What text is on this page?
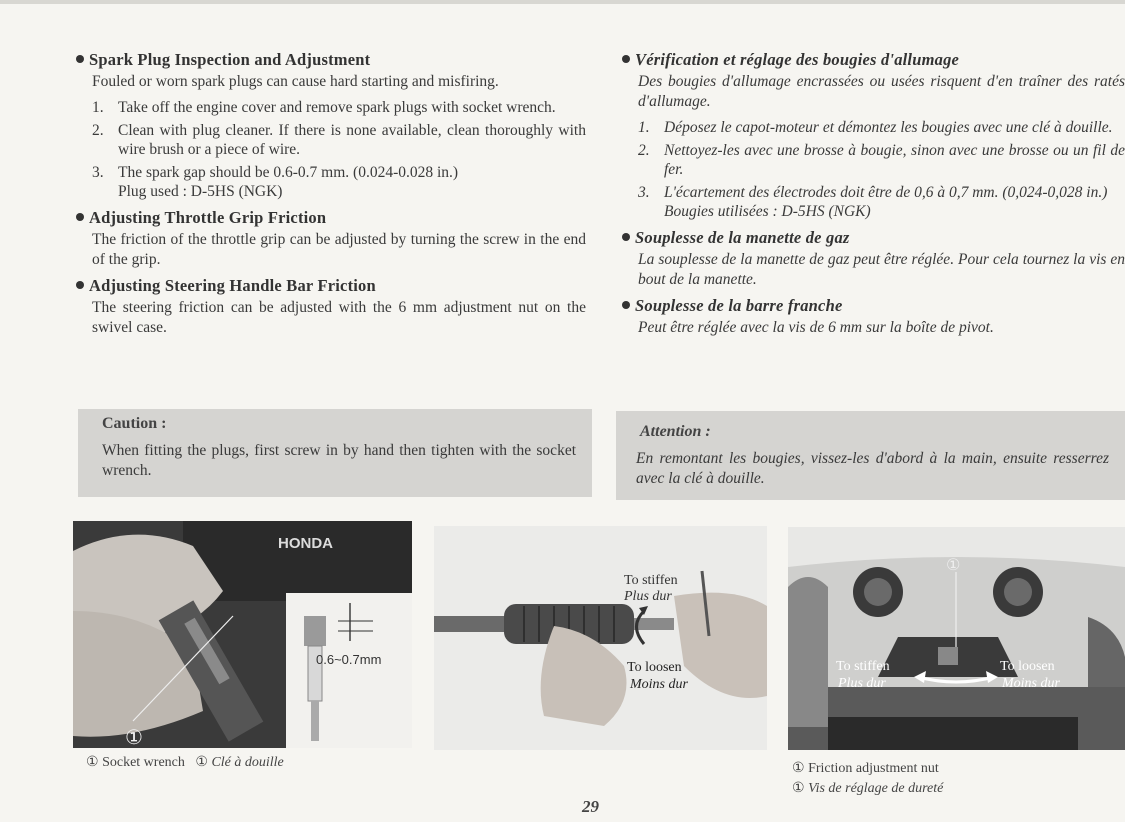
Spark Plug Inspection and Adjustment
Fouled or worn spark plugs can cause hard starting and misfiring.
1. Take off the engine cover and remove spark plugs with socket wrench.
2. Clean with plug cleaner. If there is none available, clean thoroughly with wire brush or a piece of wire.
3. The spark gap should be 0.6-0.7 mm. (0.024-0.028 in.)
Plug used : D-5HS (NGK)
Adjusting Throttle Grip Friction
The friction of the throttle grip can be adjusted by turning the screw in the end of the grip.
Adjusting Steering Handle Bar Friction
The steering friction can be adjusted with the 6 mm adjustment nut on the swivel case.
Vérification et réglage des bougies d'allumage
Des bougies d'allumage encrassées ou usées risquent d'en traîner des ratés d'allumage.
1. Déposez le capot-moteur et démontez les bougies avec une clé à douille.
2. Nettoyez-les avec une brosse à bougie, sinon avec une brosse ou un fil de fer.
3. L'écartement des électrodes doit être de 0,6 à 0,7 mm. (0,024-0,028 in.)
Bougies utilisées : D-5HS (NGK)
Souplesse de la manette de gaz
La souplesse de la manette de gaz peut être réglée. Pour cela tournez la vis en bout de la manette.
Souplesse de la barre franche
Peut être réglée avec la vis de 6 mm sur la boîte de pivot.
Caution :
When fitting the plugs, first screw in by hand then tighten with the socket wrench.
Attention :
En remontant les bougies, vissez-les d'abord à la main, ensuite resserrez avec la clé à douille.
HONDA
0.6~0.7mm
①
To stiffen
Plus dur
To loosen
Moins dur
①
To stiffen
Plus dur
To loosen
Moins dur
① Socket wrench ① Clé à douille	① Friction adjustment nut
① Vis de réglage de dureté
29
